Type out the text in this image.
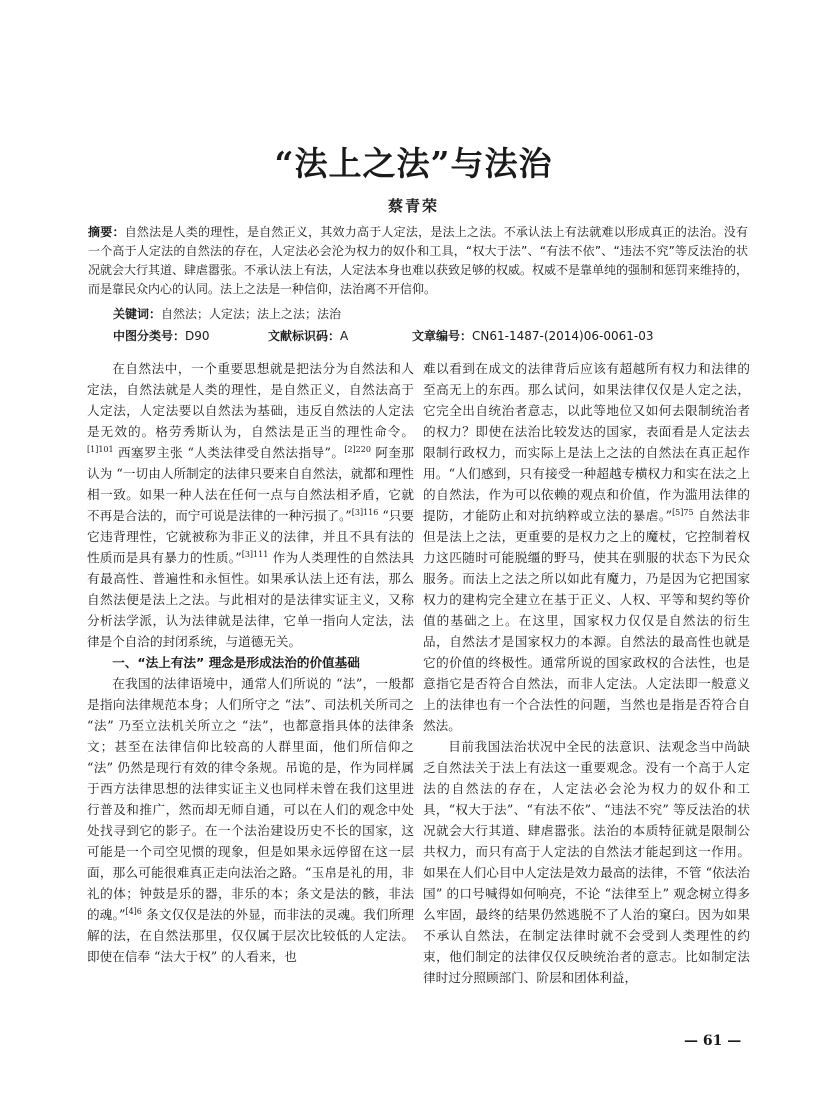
“法上之法”与法治
蔡青荣
摘要：自然法是人类的理性，是自然正义，其效力高于人定法，是法上之法。不承认法上有法就难以形成真正的法治。没有一个高于人定法的自然法的存在，人定法必会沦为权力的奴仆和工具，“权大于法”、“有法不依”、“违法不究”等反法治的状况就会大行其道、肆虐嚣张。不承认法上有法，人定法本身也难以获致足够的权威。权威不是靠单纯的强制和惩罚来维持的，而是靠民众内心的认同。法上之法是一种信仰，法治离不开信仰。
关键词：自然法；人定法；法上之法；法治
中图分类号：D90	文献标识码：A	文章编号：CN61-1487-(2014)06-0061-03

在自然法中，一个重要思想就是把法分为自然法和人定法，自然法就是人类的理性，是自然正义，自然法高于人定法，人定法要以自然法为基础，违反自然法的人定法是无效的。格劳秀斯认为，自然法是正当的理性命令。$^{[1]101}$ 西塞罗主张 “人类法律受自然法指导”。$^{[2]220}$ 阿奎那认为 “一切由人所制定的法律只要来自自然法，就都和理性相一致。如果一种人法在任何一点与自然法相矛盾，它就不再是合法的，而宁可说是法律的一种污损了。”$^{[3]116}$ “只要它违背理性，它就被称为非正义的法律，并且不具有法的性质而是具有暴力的性质。”$^{[3]111}$ 作为人类理性的自然法具有最高性、普遍性和永恒性。如果承认法上还有法，那么自然法便是法上之法。与此相对的是法律实证主义，又称分析法学派，认为法律就是法律，它单一指向人定法，法律是个自洽的封闭系统，与道德无关。

一、“法上有法” 理念是形成法治的价值基础

在我国的法律语境中，通常人们所说的 “法”，一般都是指向法律规范本身；人们所守之 “法”、司法机关所司之 “法” 乃至立法机关所立之 “法”，也都意指具体的法律条文；甚至在法律信仰比较高的人群里面，他们所信仰之 “法” 仍然是现行有效的律令条规。吊诡的是，作为同样属于西方法律思想的法律实证主义也同样未曾在我们这里进行普及和推广，然而却无师自通，可以在人们的观念中处处找寻到它的影子。在一个法治建设历史不长的国家，这可能是一个司空见惯的现象，但是如果永远停留在这一层面，那么可能很难真正走向法治之路。“玉帛是礼的用，非礼的体；钟鼓是乐的器，非乐的本；条文是法的骸，非法的魂。”$^{[4]6}$ 条文仅仅是法的外显，而非法的灵魂。我们所理解的法，在自然法那里，仅仅属于层次比较低的人定法。即使在信奉 “法大于权” 的人看来，也

难以看到在成文的法律背后应该有超越所有权力和法律的至高无上的东西。那么试问，如果法律仅仅是人定之法，它完全出自统治者意志，以此等地位又如何去限制统治者的权力？即使在法治比较发达的国家，表面看是人定法去限制行政权力，而实际上是法上之法的自然法在真正起作用。“人们感到，只有接受一种超越专横权力和实在法之上的自然法，作为可以依赖的观点和价值，作为滥用法律的提防，才能防止和对抗纳粹或立法的暴虐。”$^{[5]75}$ 自然法非但是法上之法，更重要的是权力之上的魔杖，它控制着权力这匹随时可能脱缰的野马，使其在驯服的状态下为民众服务。而法上之法之所以如此有魔力，乃是因为它把国家权力的建构完全建立在基于正义、人权、平等和契约等价值的基础之上。在这里，国家权力仅仅是自然法的衍生品，自然法才是国家权力的本源。自然法的最高性也就是它的价值的终极性。通常所说的国家政权的合法性，也是意指它是否符合自然法，而非人定法。人定法即一般意义上的法律也有一个合法性的问题，当然也是指是否符合自然法。

目前我国法治状况中全民的法意识、法观念当中尚缺乏自然法关于法上有法这一重要观念。没有一个高于人定法的自然法的存在，人定法必会沦为权力的奴仆和工具，“权大于法”、“有法不依”、“违法不究” 等反法治的状况就会大行其道、肆虐嚣张。法治的本质特征就是限制公共权力，而只有高于人定法的自然法才能起到这一作用。如果在人们心目中人定法是效力最高的法律，不管 “依法治国” 的口号喊得如何响亮，不论 “法律至上” 观念树立得多么牢固，最终的结果仍然逃脱不了人治的窠臼。因为如果不承认自然法，在制定法律时就不会受到人类理性的约束，他们制定的法律仅仅反映统治者的意志。比如制定法律时过分照顾部门、阶层和团体利益，

— 61 —
